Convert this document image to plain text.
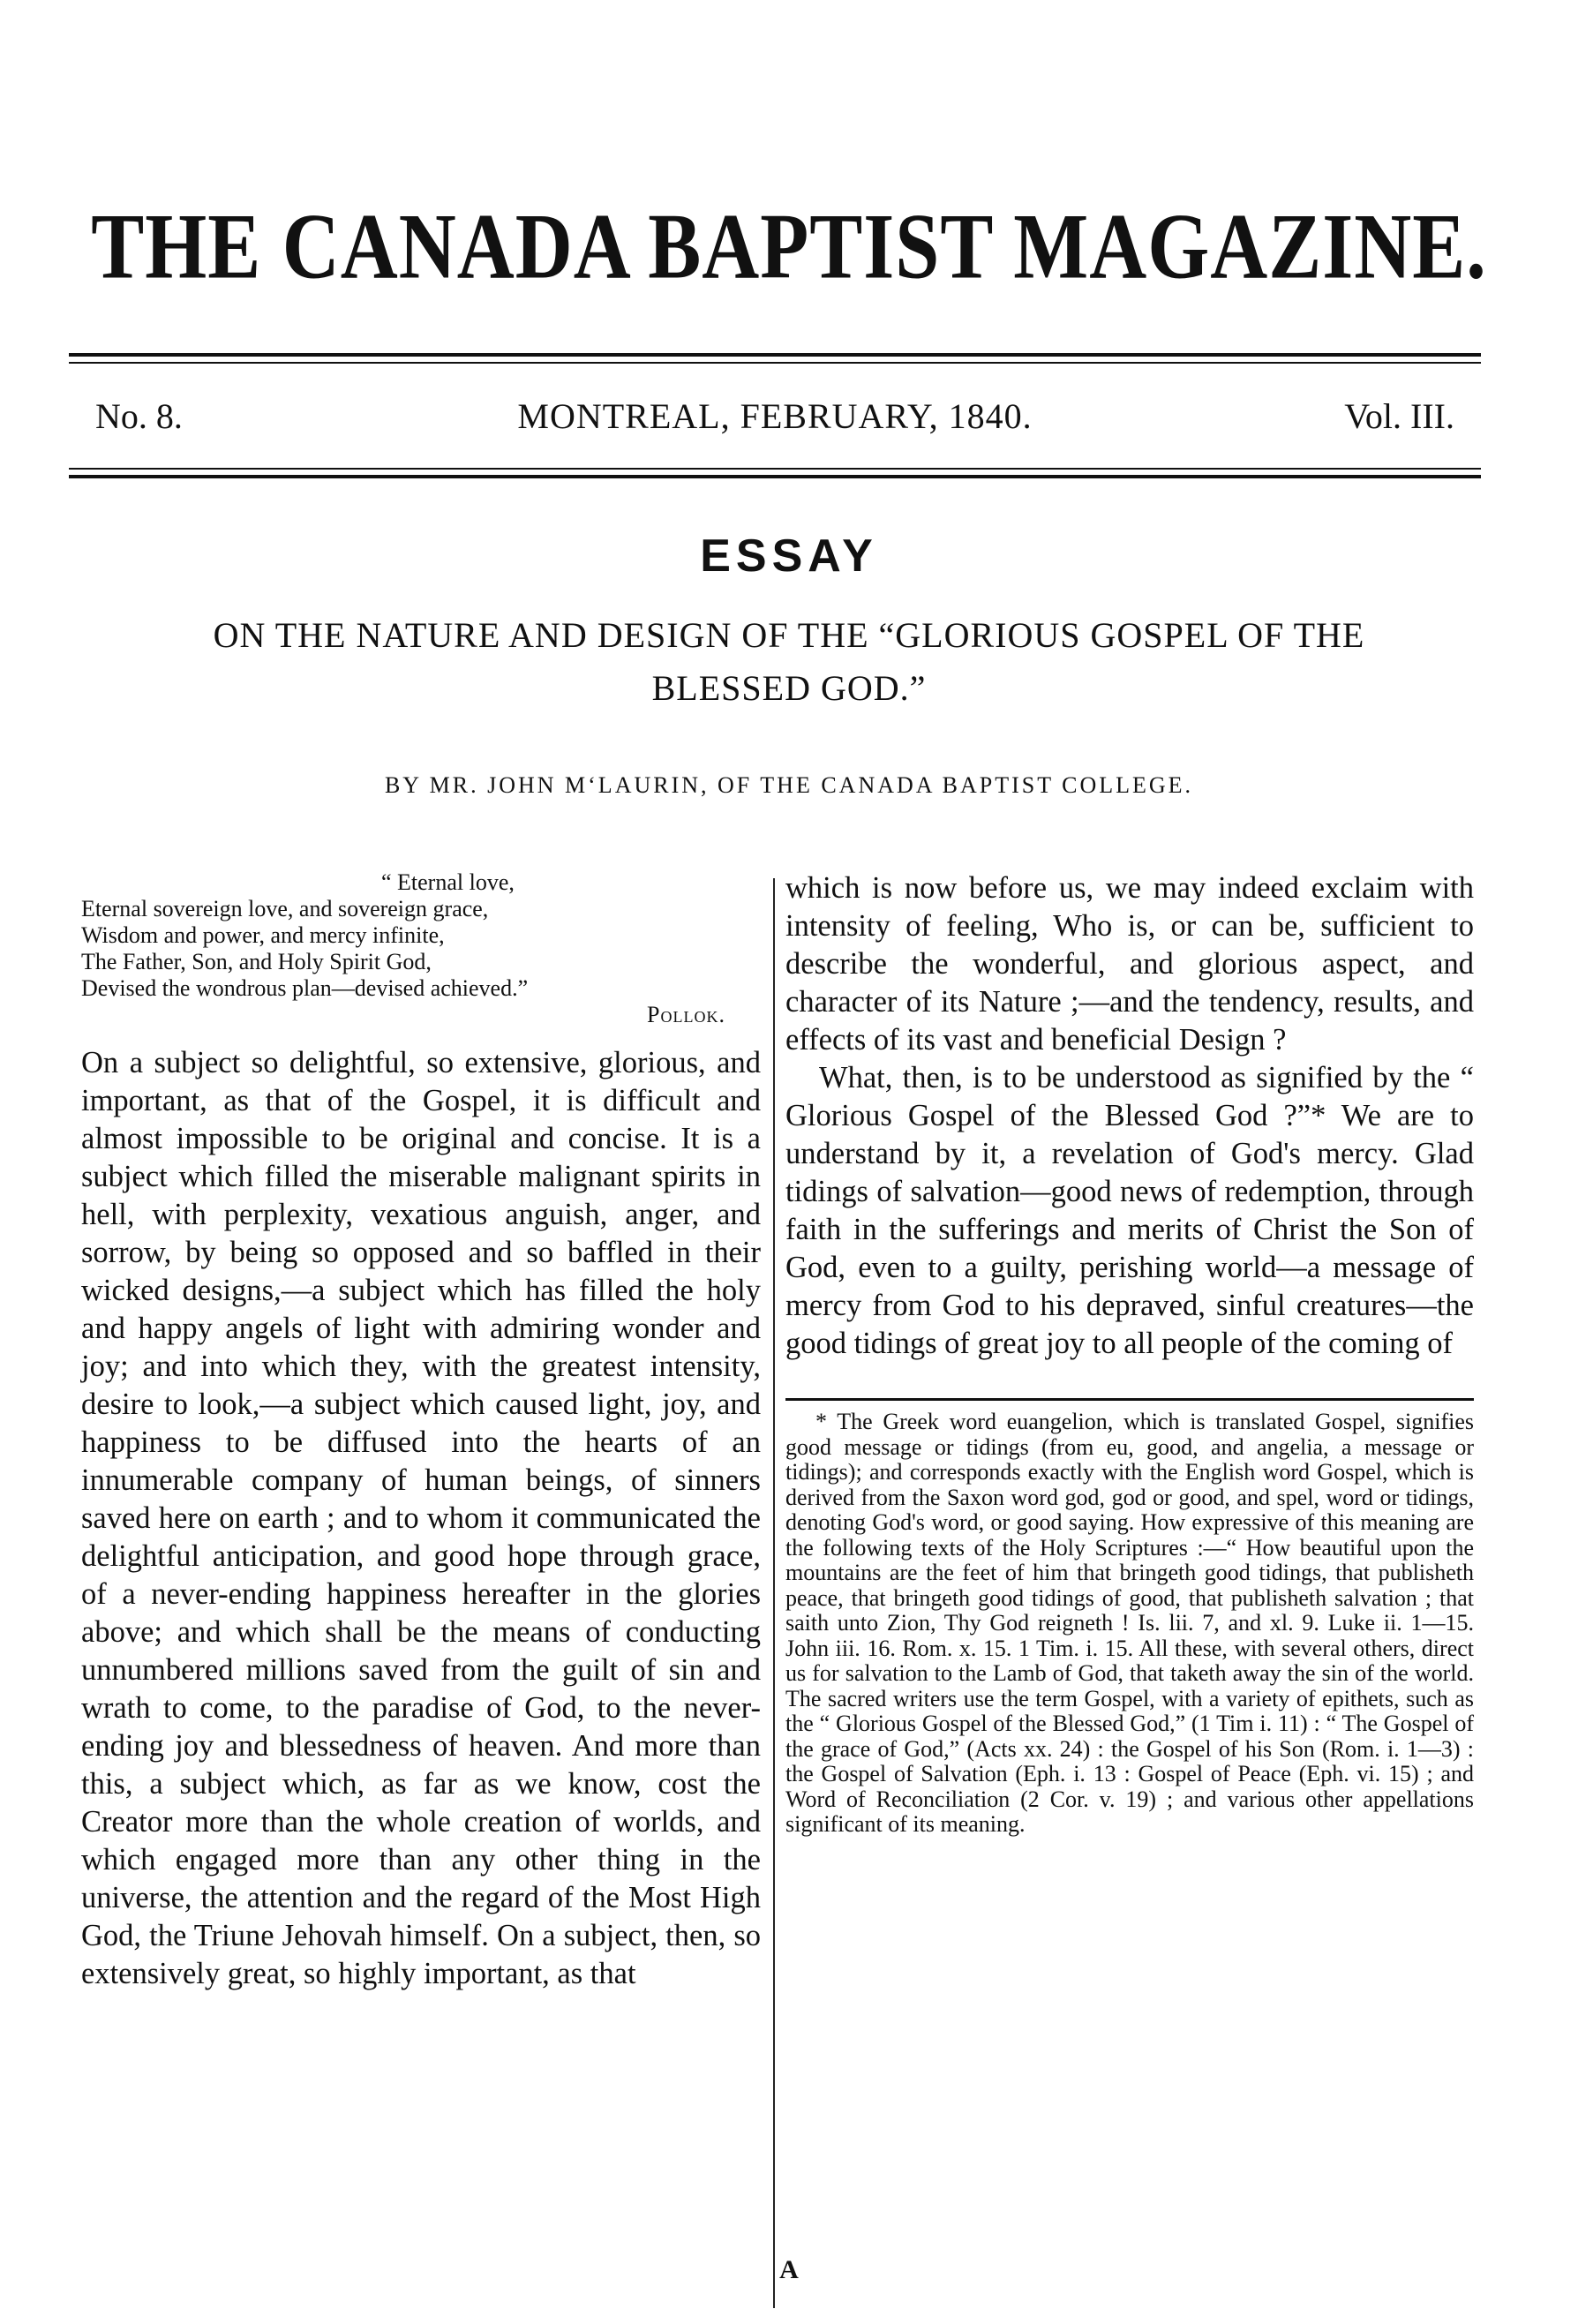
THE CANADA BAPTIST MAGAZINE.
No. 8.	MONTREAL, FEBRUARY, 1840.	Vol. III.
ESSAY
ON THE NATURE AND DESIGN OF THE “GLORIOUS GOSPEL OF THE
BLESSED GOD.”
BY MR. JOHN M‘LAURIN, OF THE CANADA BAPTIST COLLEGE.
“ Eternal love,
Eternal sovereign love, and sovereign grace,
Wisdom and power, and mercy infinite,
The Father, Son, and Holy Spirit God,
Devised the wondrous plan—devised achieved.”
Pollok.

On a subject so delightful, so extensive, glorious, and important, as that of the Gospel, it is difficult and almost impossible to be original and concise. It is a subject which filled the miserable malignant spirits in hell, with perplexity, vexatious anguish, anger, and sorrow, by being so opposed and so baffled in their wicked designs,—a subject which has filled the holy and happy angels of light with admiring wonder and joy; and into which they, with the greatest intensity, desire to look,—a subject which caused light, joy, and happiness to be diffused into the hearts of an innumerable company of human beings, of sinners saved here on earth ; and to whom it communicated the delightful anticipation, and good hope through grace, of a never-ending happiness hereafter in the glories above; and which shall be the means of conducting unnumbered millions saved from the guilt of sin and wrath to come, to the paradise of God, to the never-ending joy and blessedness of heaven. And more than this, a subject which, as far as we know, cost the Creator more than the whole creation of worlds, and which engaged more than any other thing in the universe, the attention and the regard of the Most High God, the Triune Jehovah himself. On a subject, then, so extensively great, so highly important, as that

which is now before us, we may indeed exclaim with intensity of feeling, Who is, or can be, sufficient to describe the wonderful, and glorious aspect, and character of its Nature ;—and the tendency, results, and effects of its vast and beneficial Design ?

What, then, is to be understood as signified by the “ Glorious Gospel of the Blessed God ?”* We are to understand by it, a revelation of God's mercy. Glad tidings of salvation—good news of redemption, through faith in the sufferings and merits of Christ the Son of God, even to a guilty, perishing world—a message of mercy from God to his depraved, sinful creatures—the good tidings of great joy to all people of the coming of

* The Greek word euangelion, which is translated Gospel, signifies good message or tidings (from eu, good, and angelia, a message or tidings); and corresponds exactly with the English word Gospel, which is derived from the Saxon word god, god or good, and spel, word or tidings, denoting God's word, or good saying. How expressive of this meaning are the following texts of the Holy Scriptures :—“ How beautiful upon the mountains are the feet of him that bringeth good tidings, that publisheth peace, that bringeth good tidings of good, that publisheth salvation ; that saith unto Zion, Thy God reigneth ! Is. lii. 7, and xl. 9. Luke ii. 1—15. John iii. 16. Rom. x. 15. 1 Tim. i. 15. All these, with several others, direct us for salvation to the Lamb of God, that taketh away the sin of the world. The sacred writers use the term Gospel, with a variety of epithets, such as the “ Glorious Gospel of the Blessed God,” (1 Tim i. 11) : “ The Gospel of the grace of God,” (Acts xx. 24) : the Gospel of his Son (Rom. i. 1—3) : the Gospel of Salvation (Eph. i. 13 : Gospel of Peace (Eph. vi. 15) ; and Word of Reconciliation (2 Cor. v. 19) ; and various other appellations significant of its meaning.

A
